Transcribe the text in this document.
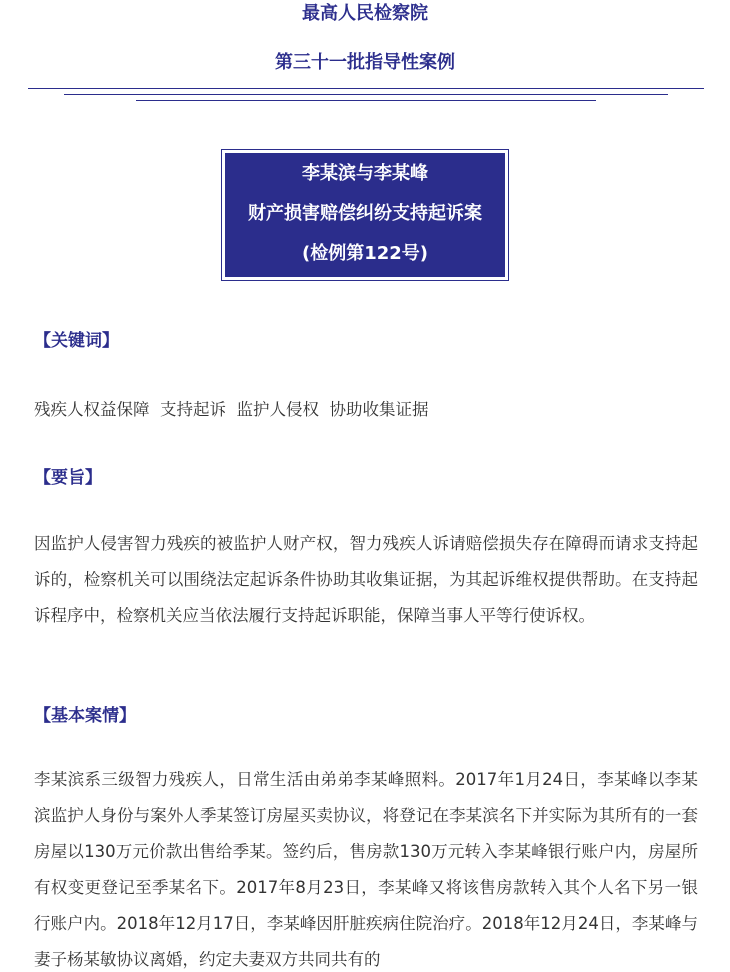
最高人民检察院
第三十一批指导性案例
李某滨与李某峰
财产损害赔偿纠纷支持起诉案
(检例第122号)
【关键词】

残疾人权益保障  支持起诉  监护人侵权  协助收集证据

【要旨】

因监护人侵害智力残疾的被监护人财产权，智力残疾人诉请赔偿损失存在障碍而请求支持起诉的，检察机关可以围绕法定起诉条件协助其收集证据，为其起诉维权提供帮助。在支持起诉程序中，检察机关应当依法履行支持起诉职能，保障当事人平等行使诉权。

【基本案情】

李某滨系三级智力残疾人，日常生活由弟弟李某峰照料。2017年1月24日，李某峰以李某滨监护人身份与案外人季某签订房屋买卖协议，将登记在李某滨名下并实际为其所有的一套房屋以130万元价款出售给季某。签约后，售房款130万元转入李某峰银行账户内，房屋所有权变更登记至季某名下。2017年8月23日，李某峰又将该售房款转入其个人名下另一银行账户内。2018年12月17日，李某峰因肝脏疾病住院治疗。2018年12月24日，李某峰与妻子杨某敏协议离婚，约定夫妻双方共同共有的
